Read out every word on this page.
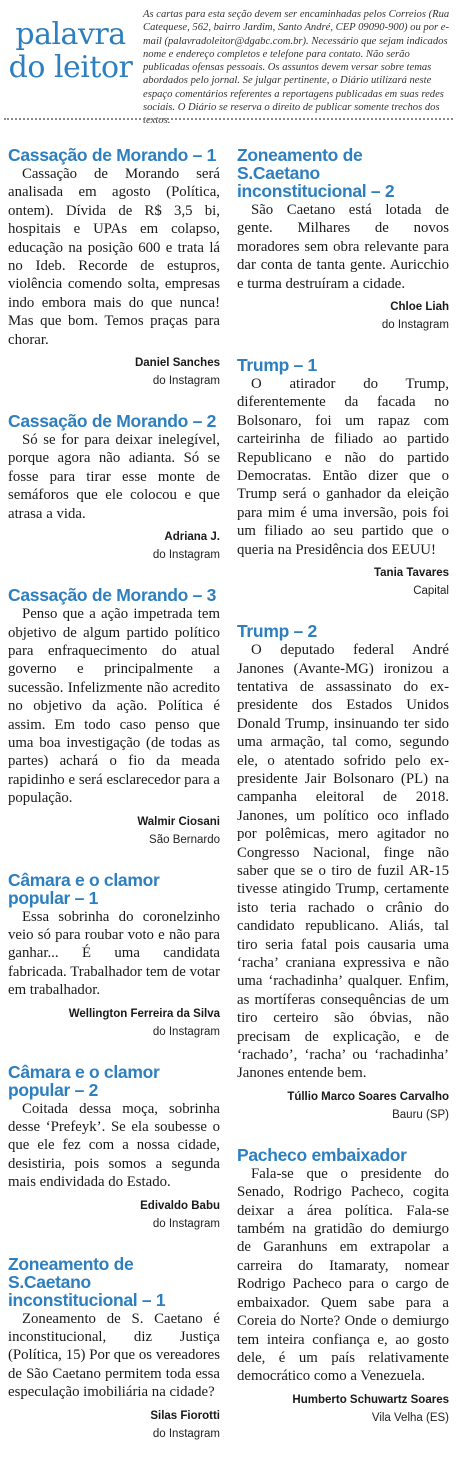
palavra
do leitor
As cartas para esta seção devem ser encaminhadas pelos Correios (Rua Catequese, 562, bairro Jardim, Santo André, CEP 09090-900) ou por e-mail (palavradoleitor@dgabc.com.br). Necessário que sejam indicados nome e endereço completos e telefone para contato. Não serão publicadas ofensas pessoais. Os assuntos devem versar sobre temas abordados pelo jornal. Se julgar pertinente, o Diário utilizará neste espaço comentários referentes a reportagens publicadas em suas redes sociais. O Diário se reserva o direito de publicar somente trechos dos textos.
Cassação de Morando – 1

Cassação de Morando será analisada em agosto (Política, ontem). Dívida de R$ 3,5 bi, hospitais e UPAs em colapso, educação na posição 600 e trata lá no Ideb. Recorde de estupros, violência comendo solta, empresas indo embora mais do que nunca! Mas que bom. Temos praças para chorar.

Daniel Sanches
do Instagram
Cassação de Morando – 2

Só se for para deixar inelegível, porque agora não adianta. Só se fosse para tirar esse monte de semáforos que ele colocou e que atrasa a vida.

Adriana J.
do Instagram
Cassação de Morando – 3

Penso que a ação impetrada tem objetivo de algum partido político para enfraquecimento do atual governo e principalmente a sucessão. Infelizmente não acredito no objetivo da ação. Política é assim. Em todo caso penso que uma boa investigação (de todas as partes) achará o fio da meada rapidinho e será esclarecedor para a população.

Walmir Ciosani
São Bernardo
Câmara e o clamor popular – 1

Essa sobrinha do coronelzinho veio só para roubar voto e não para ganhar... É uma candidata fabricada. Trabalhador tem de votar em trabalhador.

Wellington Ferreira da Silva
do Instagram
Câmara e o clamor popular – 2

Coitada dessa moça, sobrinha desse ‘Prefeyk’. Se ela soubesse o que ele fez com a nossa cidade, desistiria, pois somos a segunda mais endividada do Estado.

Edivaldo Babu
do Instagram
Zoneamento de S.Caetano inconstitucional – 1

Zoneamento de S. Caetano é inconstitucional, diz Justiça (Política, 15) Por que os vereadores de São Caetano permitem toda essa especulação imobiliária na cidade?

Silas Fiorotti
do Instagram
Zoneamento de S.Caetano inconstitucional – 2

São Caetano está lotada de gente. Milhares de novos moradores sem obra relevante para dar conta de tanta gente. Auricchio e turma destruíram a cidade.

Chloe Liah
do Instagram
Trump – 1

O atirador do Trump, diferentemente da facada no Bolsonaro, foi um rapaz com carteirinha de filiado ao partido Republicano e não do partido Democratas. Então dizer que o Trump será o ganhador da eleição para mim é uma inversão, pois foi um filiado ao seu partido que o queria na Presidência dos EEUU!

Tania Tavares
Capital
Trump – 2

O deputado federal André Janones (Avante-MG) ironizou a tentativa de assassinato do ex-presidente dos Estados Unidos Donald Trump, insinuando ter sido uma armação, tal como, segundo ele, o atentado sofrido pelo ex-presidente Jair Bolsonaro (PL) na campanha eleitoral de 2018. Janones, um político oco inflado por polêmicas, mero agitador no Congresso Nacional, finge não saber que se o tiro de fuzil AR-15 tivesse atingido Trump, certamente isto teria rachado o crânio do candidato republicano. Aliás, tal tiro seria fatal pois causaria uma ‘racha’ craniana expressiva e não uma ‘rachadinha’ qualquer. Enfim, as mortíferas consequências de um tiro certeiro são óbvias, não precisam de explicação, e de ‘rachado’, ‘racha’ ou ‘rachadinha’ Janones entende bem.

Túllio Marco Soares Carvalho
Bauru (SP)
Pacheco embaixador

Fala-se que o presidente do Senado, Rodrigo Pacheco, cogita deixar a área política. Fala-se também na gratidão do demiurgo de Garanhuns em extrapolar a carreira do Itamaraty, nomear Rodrigo Pacheco para o cargo de embaixador. Quem sabe para a Coreia do Norte? Onde o demiurgo tem inteira confiança e, ao gosto dele, é um país relativamente democrático como a Venezuela.

Humberto Schuwartz Soares
Vila Velha (ES)
